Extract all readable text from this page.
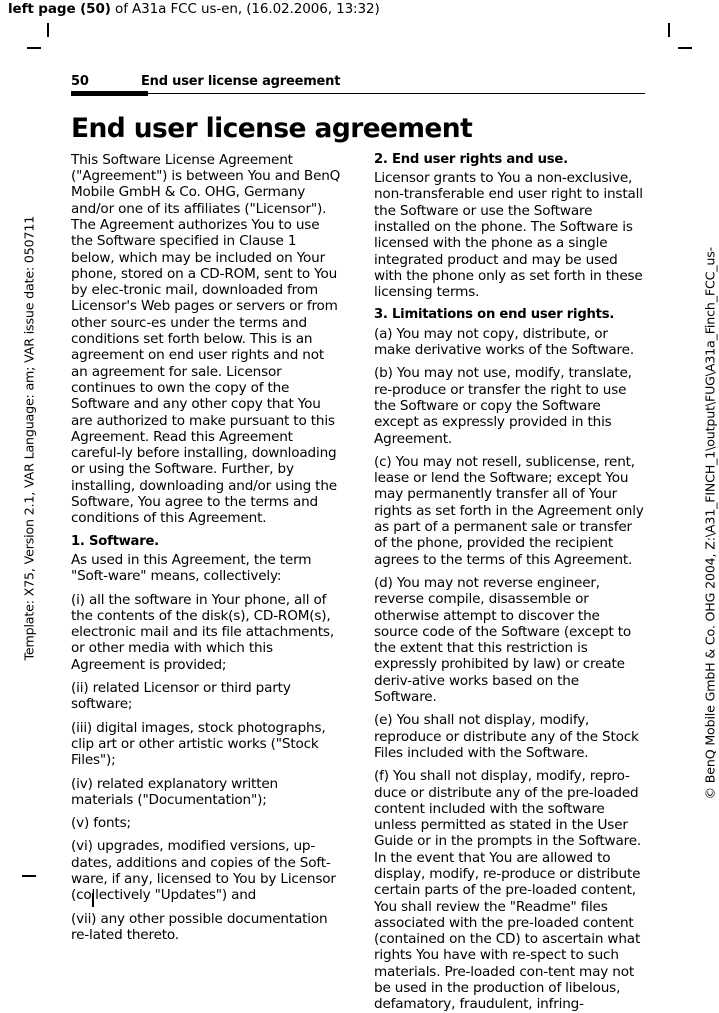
left page (50) of A31a FCC us-en, (16.02.2006, 13:32)
Template: X75, Version 2.1, VAR Language: am; VAR issue date: 050711	© BenQ Mobile GmbH & Co. OHG 2004, Z:\A31_FINCH_1\output\FUG\A31a_Finch_FCC_us-
50	End user license agreement
End user license agreement

This Software License Agreement ("Agreement") is between You and BenQ Mobile GmbH & Co. OHG, Germany and/or one of its affiliates ("Licensor"). The Agreement authorizes You to use the Software specified in Clause 1 below, which may be included on Your phone, stored on a CD-ROM, sent to You by elec-tronic mail, downloaded from Licensor's Web pages or servers or from other sourc-es under the terms and conditions set forth below. This is an agreement on end user rights and not an agreement for sale. Licensor continues to own the copy of the Software and any other copy that You are authorized to make pursuant to this Agreement. Read this Agreement careful-ly before installing, downloading or using the Software. Further, by installing, downloading and/or using the Software, You agree to the terms and conditions of this Agreement.

1. Software.

As used in this Agreement, the term "Soft-ware" means, collectively:

(i) all the software in Your phone, all of the contents of the disk(s), CD-ROM(s), electronic mail and its file attachments, or other media with which this Agreement is provided;

(ii) related Licensor or third party software;

(iii) digital images, stock photographs, clip art or other artistic works ("Stock Files");

(iv) related explanatory written materials ("Documentation");

(v) fonts;

(vi) upgrades, modified versions, up-dates, additions and copies of the Soft-ware, if any, licensed to You by Licensor (collectively "Updates") and

(vii) any other possible documentation re-lated thereto.

2. End user rights and use.

Licensor grants to You a non-exclusive, non-transferable end user right to install the Software or use the Software installed on the phone. The Software is licensed with the phone as a single integrated product and may be used with the phone only as set forth in these licensing terms.

3. Limitations on end user rights.

(a) You may not copy, distribute, or make derivative works of the Software.

(b) You may not use, modify, translate, re-produce or transfer the right to use the Software or copy the Software except as expressly provided in this Agreement.

(c) You may not resell, sublicense, rent, lease or lend the Software; except You may permanently transfer all of Your rights as set forth in the Agreement only as part of a permanent sale or transfer of the phone, provided the recipient agrees to the terms of this Agreement.

(d) You may not reverse engineer, reverse compile, disassemble or otherwise attempt to discover the source code of the Software (except to the extent that this restriction is expressly prohibited by law) or create deriv-ative works based on the Software.

(e) You shall not display, modify, reproduce or distribute any of the Stock Files included with the Software.

(f) You shall not display, modify, repro-duce or distribute any of the pre-loaded content included with the software unless permitted as stated in the User Guide or in the prompts in the Software. In the event that You are allowed to display, modify, re-produce or distribute certain parts of the pre-loaded content, You shall review the "Readme" files associated with the pre-loaded content (contained on the CD) to ascertain what rights You have with re-spect to such materials. Pre-loaded con-tent may not be used in the production of libelous, defamatory, fraudulent, infring-
